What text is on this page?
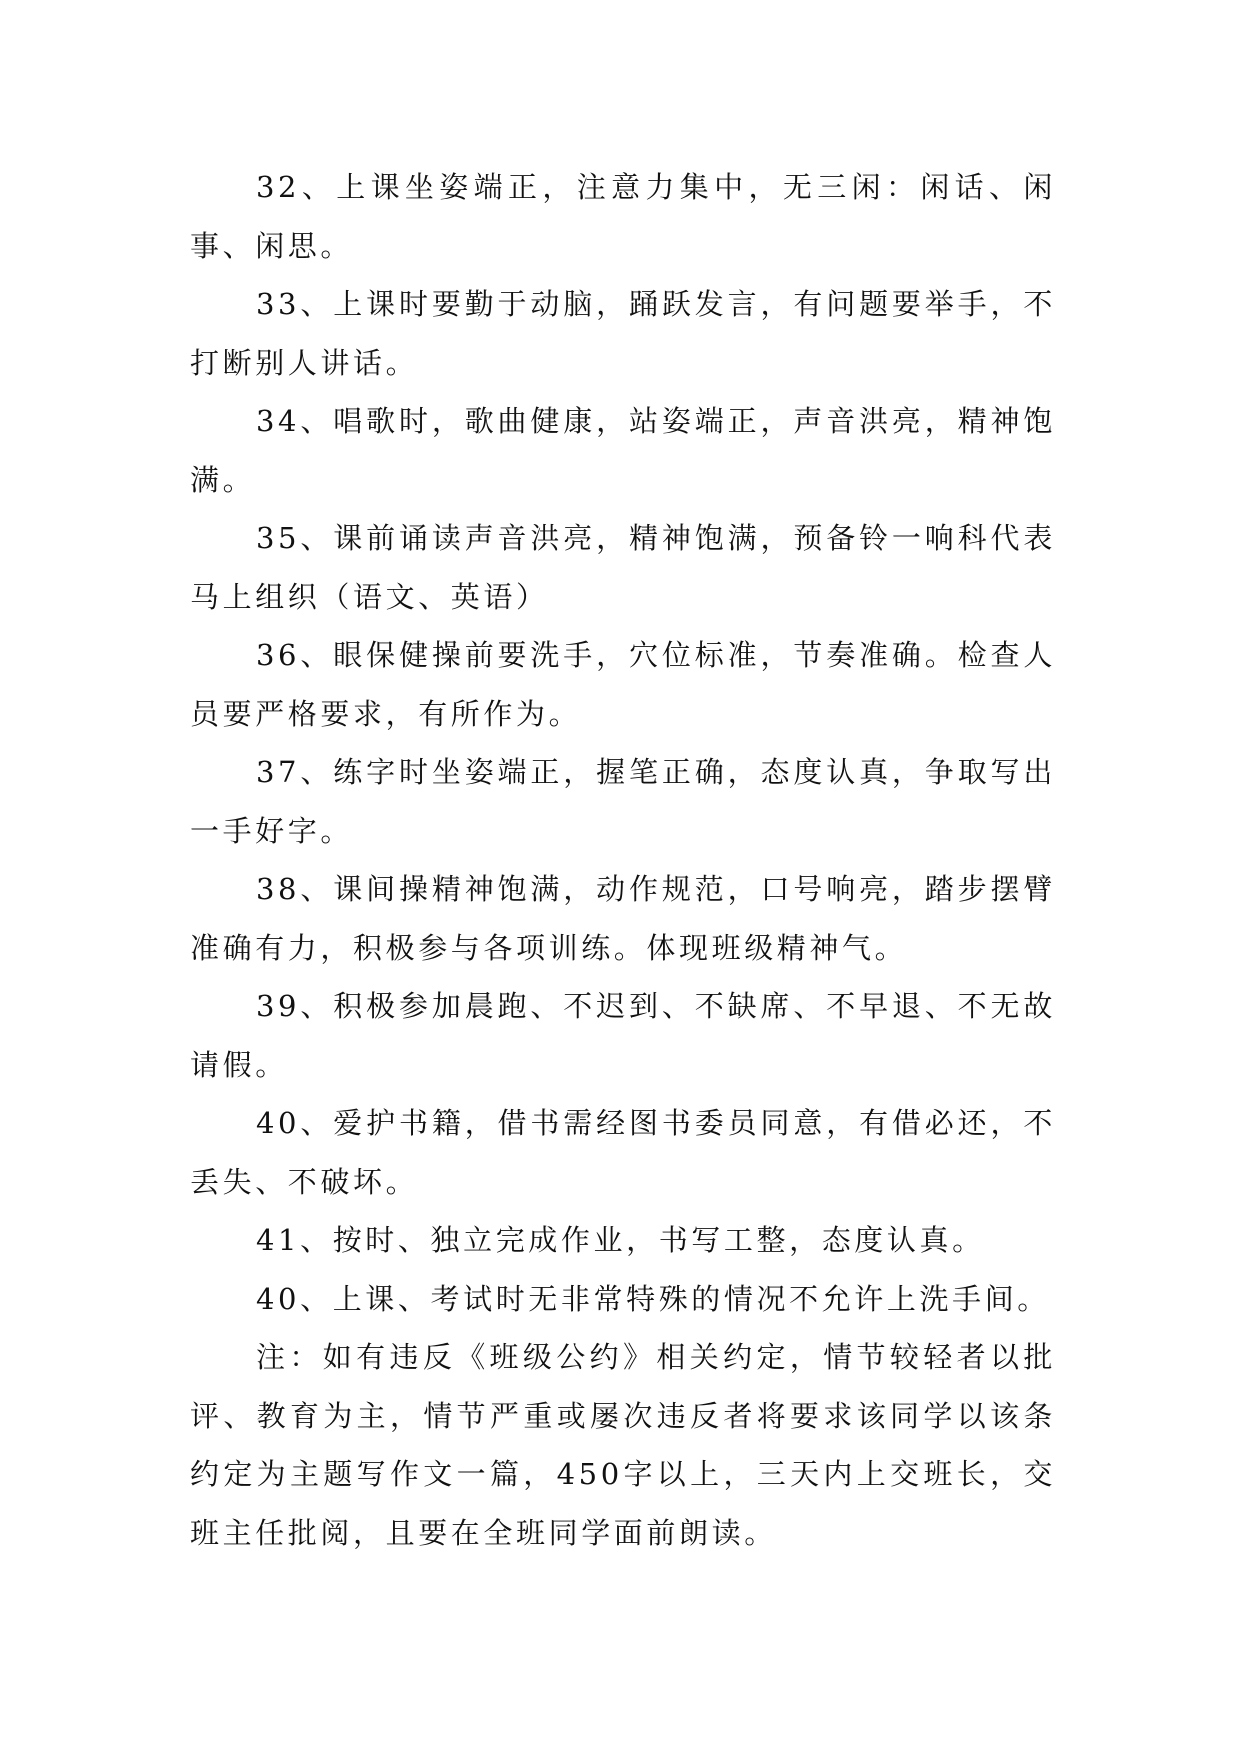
32、上课坐姿端正，注意力集中，无三闲：闲话、闲事、闲思。

33、上课时要勤于动脑，踊跃发言，有问题要举手，不打断别人讲话。

34、唱歌时，歌曲健康，站姿端正，声音洪亮，精神饱满。

35、课前诵读声音洪亮，精神饱满，预备铃一响科代表马上组织（语文、英语）

36、眼保健操前要洗手，穴位标准，节奏准确。检查人员要严格要求，有所作为。

37、练字时坐姿端正，握笔正确，态度认真，争取写出一手好字。

38、课间操精神饱满，动作规范，口号响亮，踏步摆臂准确有力，积极参与各项训练。体现班级精神气。

39、积极参加晨跑、不迟到、不缺席、不早退、不无故请假。

40、爱护书籍，借书需经图书委员同意，有借必还，不丢失、不破坏。

41、按时、独立完成作业，书写工整，态度认真。

40、上课、考试时无非常特殊的情况不允许上洗手间。

注：如有违反《班级公约》相关约定，情节较轻者以批评、教育为主，情节严重或屡次违反者将要求该同学以该条约定为主题写作文一篇，450字以上，三天内上交班长，交班主任批阅，且要在全班同学面前朗读。
